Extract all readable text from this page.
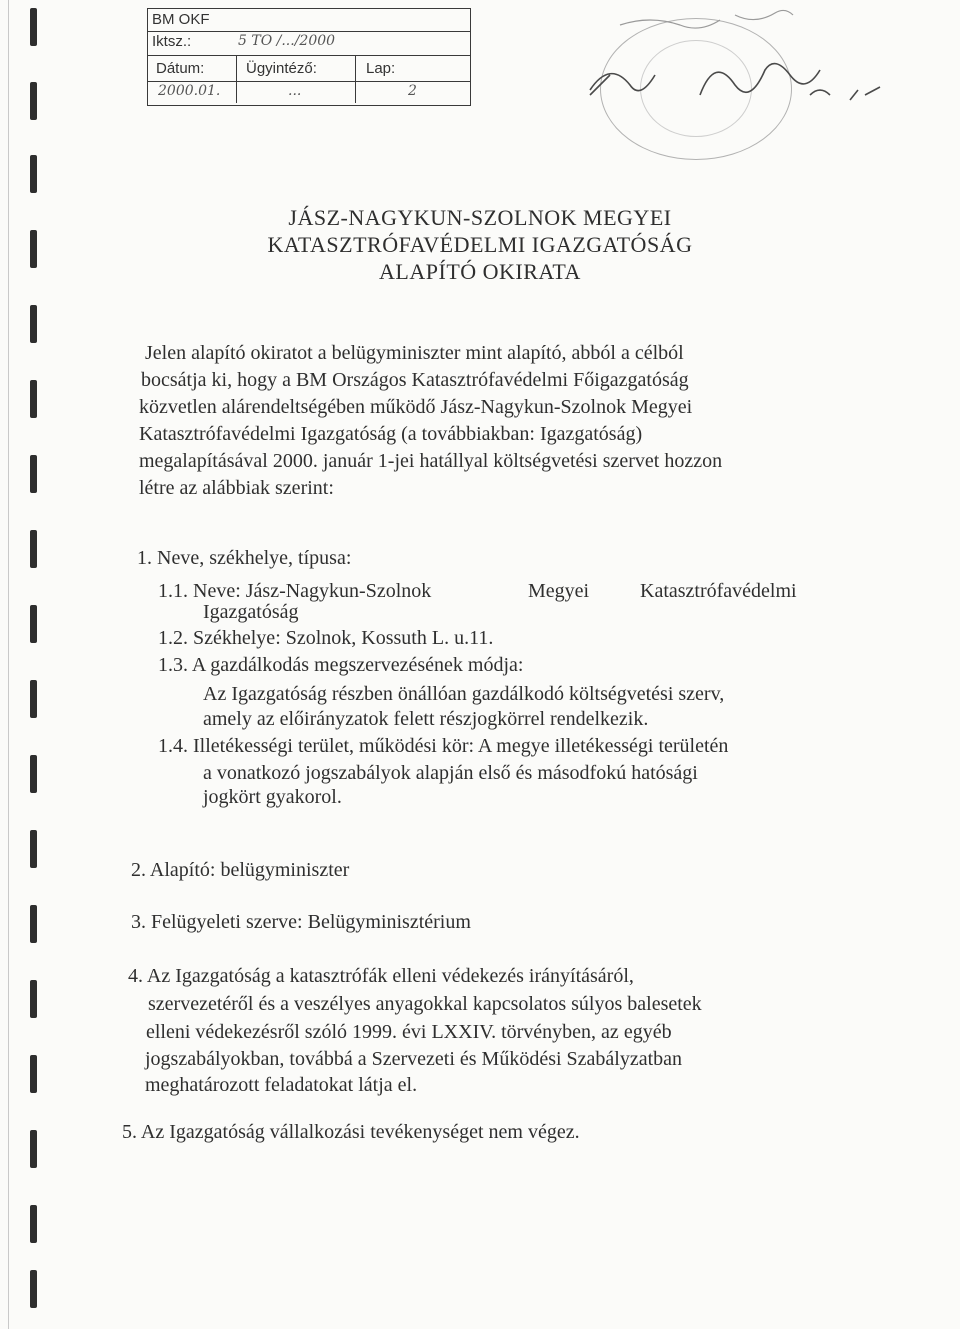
BM OKF
Iktsz.:	5 TO /.../2000
Dátum:	Ügyintéző:	Lap:
2000.01.	...	2
JÁSZ-NAGYKUN-SZOLNOK MEGYEI
KATASZTRÓFAVÉDELMI IGAZGATÓSÁG
ALAPÍTÓ OKIRATA
Jelen alapító okiratot a belügyminiszter mint alapító, abból a célból
bocsátja ki, hogy a BM Országos Katasztrófavédelmi Főigazgatóság
közvetlen alárendeltségében működő Jász-Nagykun-Szolnok Megyei
Katasztrófavédelmi Igazgatóság (a továbbiakban: Igazgatóság)
megalapításával 2000. január 1-jei hatállyal költségvetési szervet hozzon
létre az alábbiak szerint:
1. Neve, székhelye, típusa:
1.1. Neve: Jász-Nagykun-Szolnok	Megyei	Katasztrófavédelmi
Igazgatóság
1.2. Székhelye: Szolnok, Kossuth L. u.11.
1.3. A gazdálkodás megszervezésének módja:
Az Igazgatóság részben önállóan gazdálkodó költségvetési szerv,
amely az előirányzatok felett részjogkörrel rendelkezik.
1.4. Illetékességi terület, működési kör: A megye illetékességi területén
a vonatkozó jogszabályok alapján első és másodfokú hatósági
jogkört gyakorol.
2. Alapító: belügyminiszter
3. Felügyeleti szerve: Belügyminisztérium
4. Az Igazgatóság a katasztrófák elleni védekezés irányításáról,
szervezetéről és a veszélyes anyagokkal kapcsolatos súlyos balesetek
elleni védekezésről szóló 1999. évi LXXIV. törvényben, az egyéb
jogszabályokban, továbbá a Szervezeti és Működési Szabályzatban
meghatározott feladatokat látja el.
5. Az Igazgatóság vállalkozási tevékenységet nem végez.
